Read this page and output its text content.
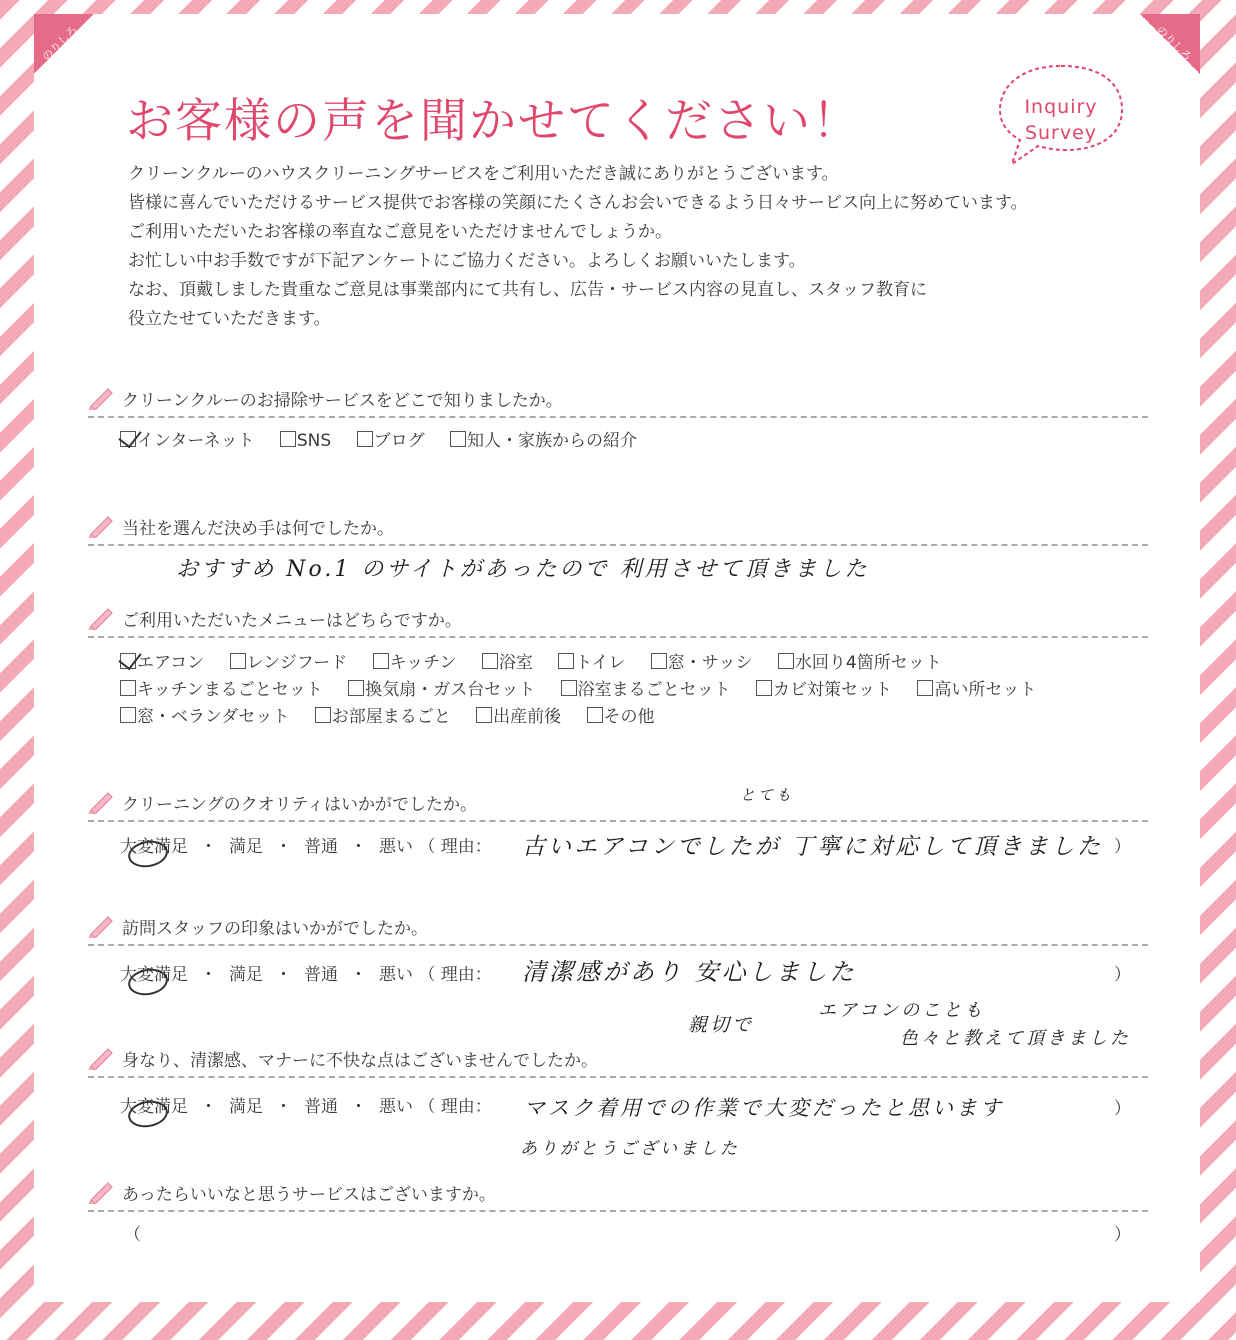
のりしろ	のりしろ
お客様の声を聞かせてください！	Inquiry
Survey
クリーンクルーのハウスクリーニングサービスをご利用いただき誠にありがとうございます。
皆様に喜んでいただけるサービス提供でお客様の笑顔にたくさんお会いできるよう日々サービス向上に努めています。
ご利用いただいたお客様の率直なご意見をいただけませんでしょうか。
お忙しい中お手数ですが下記アンケートにご協力ください。よろしくお願いいたします。
なお、頂戴しました貴重なご意見は事業部内にて共有し、広告・サービス内容の見直し、スタッフ教育に
役立たせていただきます。
クリーンクルーのお掃除サービスをどこで知りましたか。
インターネット SNS ブログ 知人・家族からの紹介
当社を選んだ決め手は何でしたか。
おすすめ No.1 のサイトがあったので 利用させて頂きました
ご利用いただいたメニューはどちらですか。
エアコン レンジフード キッチン 浴室 トイレ 窓・サッシ 水回り4箇所セット
キッチンまるごとセット 換気扇・ガス台セット 浴室まるごとセット カビ対策セット 高い所セット
窓・ベランダセット お部屋まるごと 出産前後 その他
クリーニングのクオリティはいかがでしたか。
大変満足 ・ 満足 ・ 普通 ・ 悪い （ 理由：
とても
古いエアコンでしたが 丁寧に対応して頂きました ）
訪問スタッフの印象はいかがでしたか。
大変満足 ・ 満足 ・ 普通 ・ 悪い （ 理由： 清潔感があり 安心しました	）
親切で
エアコンのことも
色々と教えて頂きました
身なり、清潔感、マナーに不快な点はございませんでしたか。
大変満足 ・ 満足 ・ 普通 ・ 悪い （ 理由： マスク着用での作業で大変だったと思います
ありがとうございました
）
あったらいいなと思うサービスはございますか。
（	）
